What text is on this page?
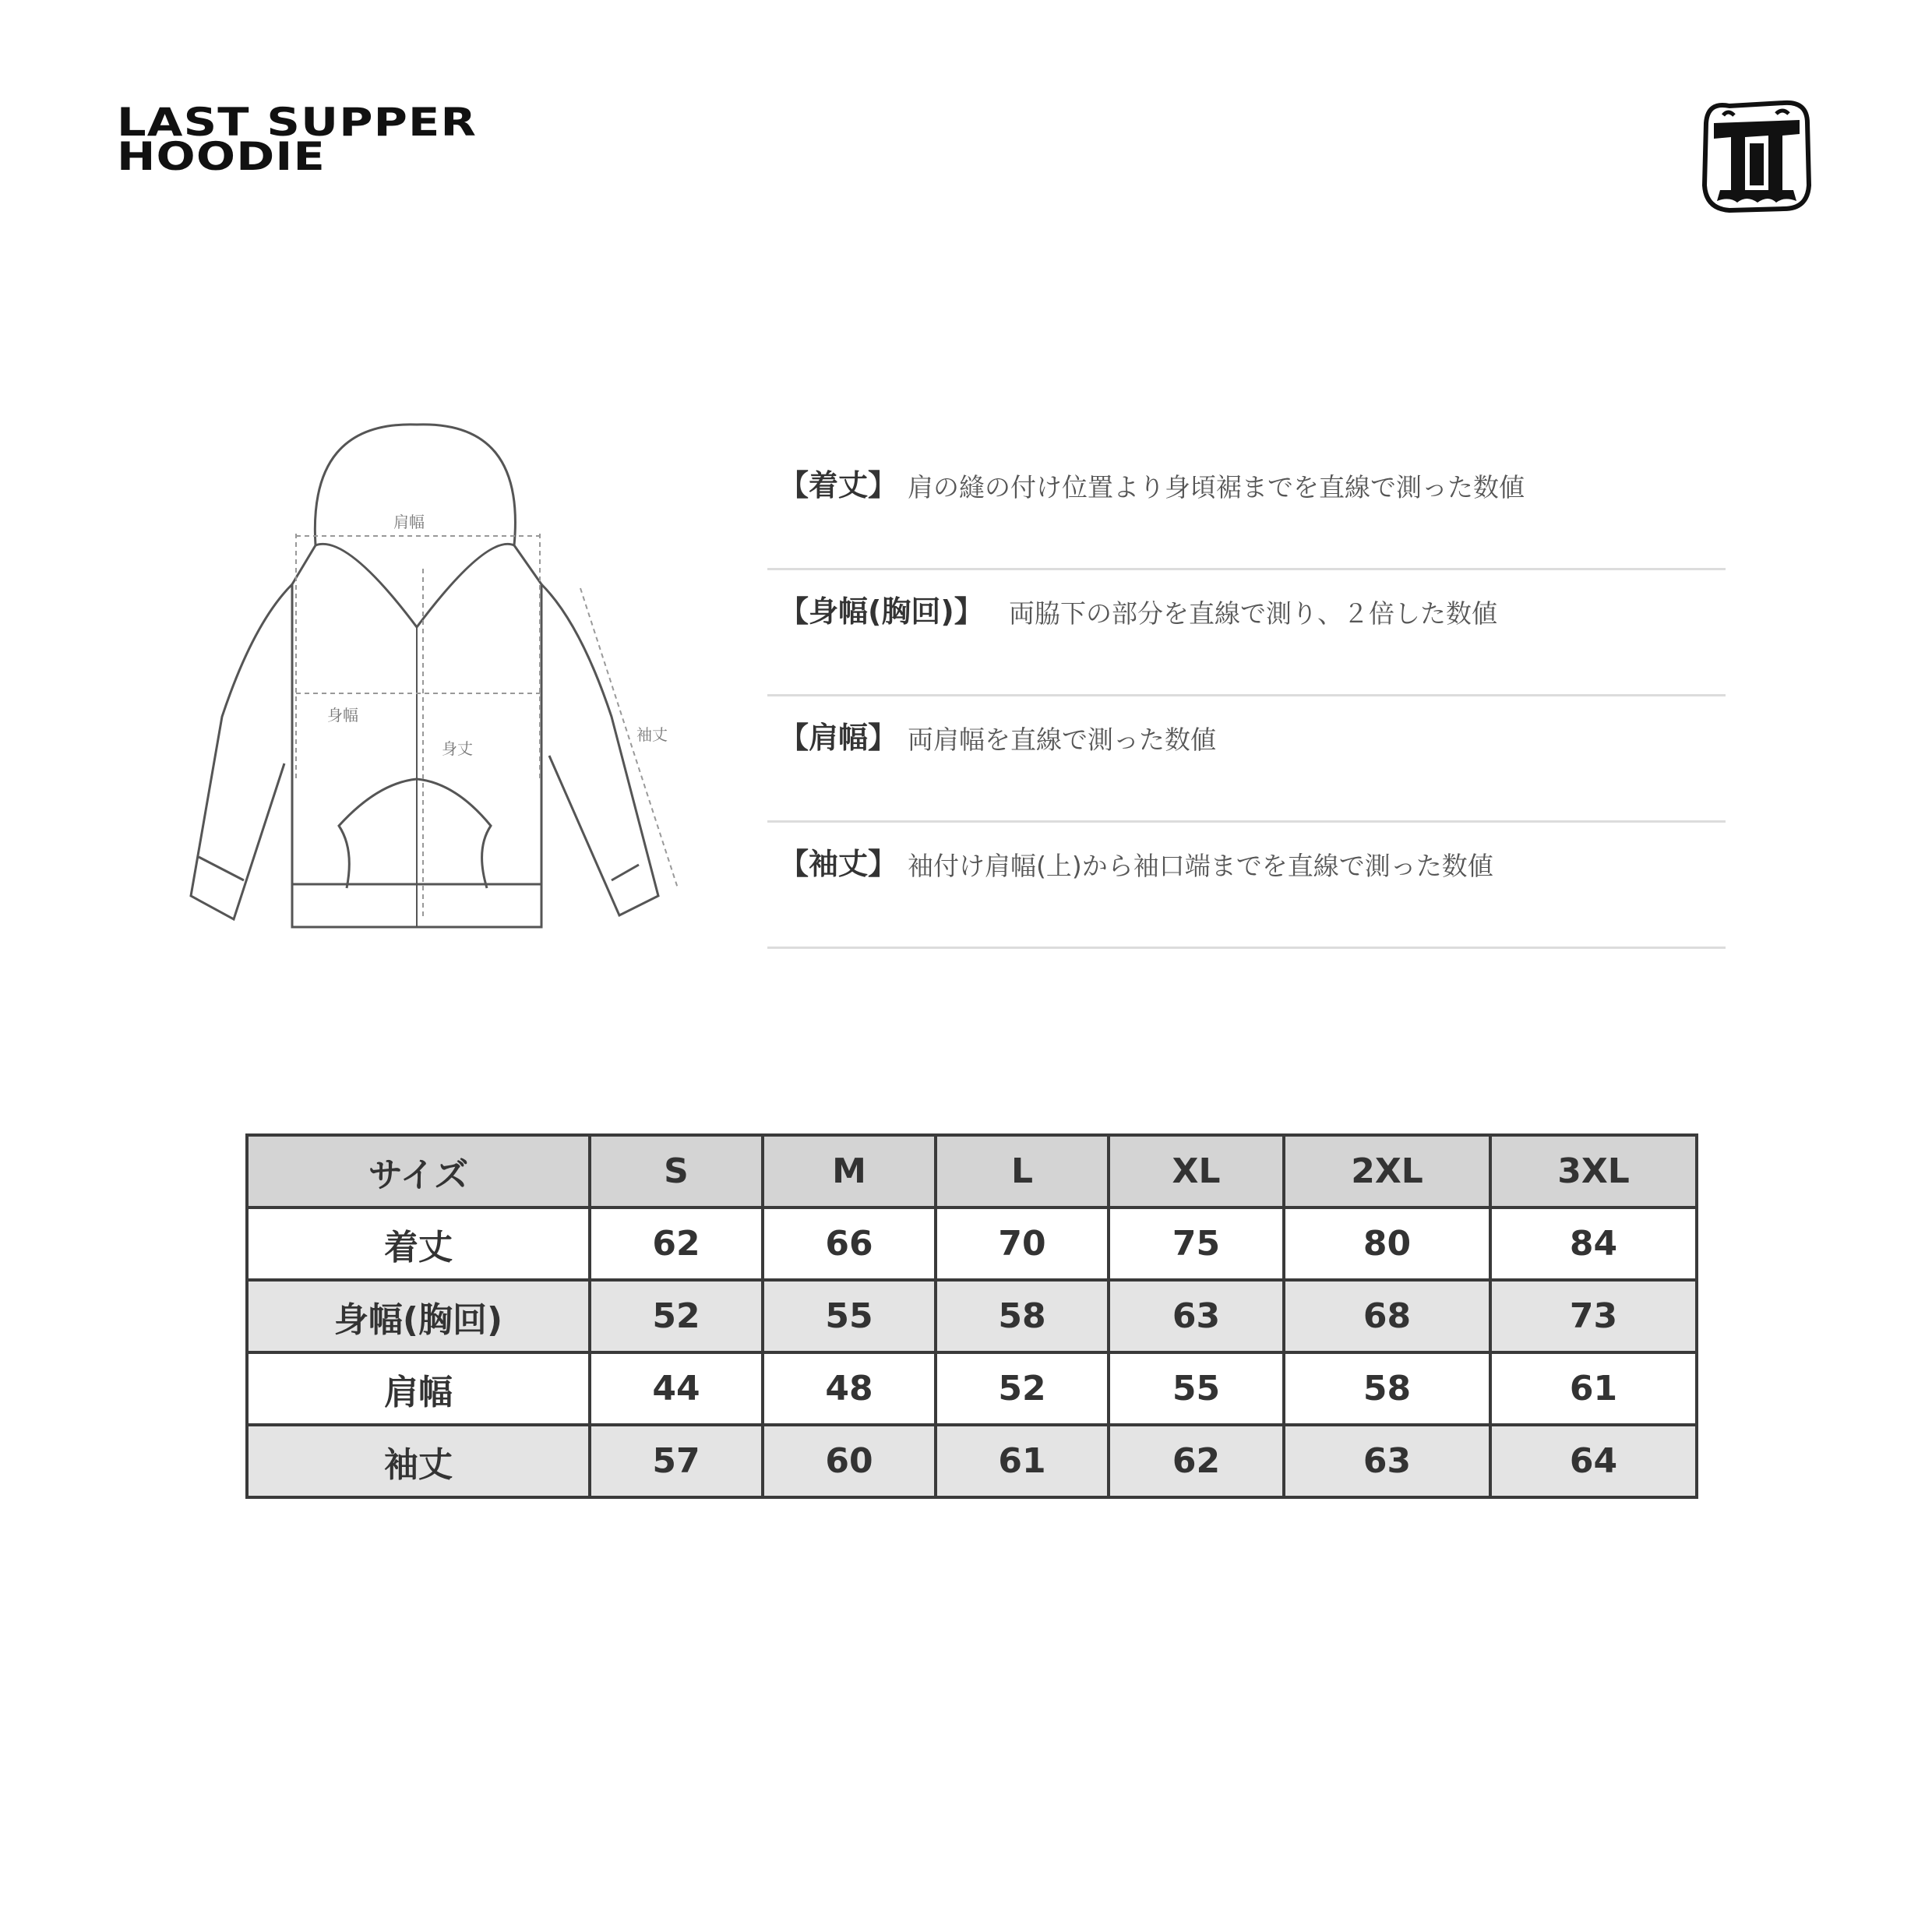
LAST SUPPER
HOODIE
肩幅
身幅
身丈
袖丈
【着丈】 肩の縫の付け位置より身頃裾までを直線で測った数値
【身幅(胸回)】 両脇下の部分を直線で測り、２倍した数値
【肩幅】 両肩幅を直線で測った数値
【袖丈】 袖付け肩幅(上)から袖口端までを直線で測った数値
サイズ	S	M	L	XL	2XL	3XL
着丈	62	66	70	75	80	84
身幅(胸回)	52	55	58	63	68	73
肩幅	44	48	52	55	58	61
袖丈	57	60	61	62	63	64
